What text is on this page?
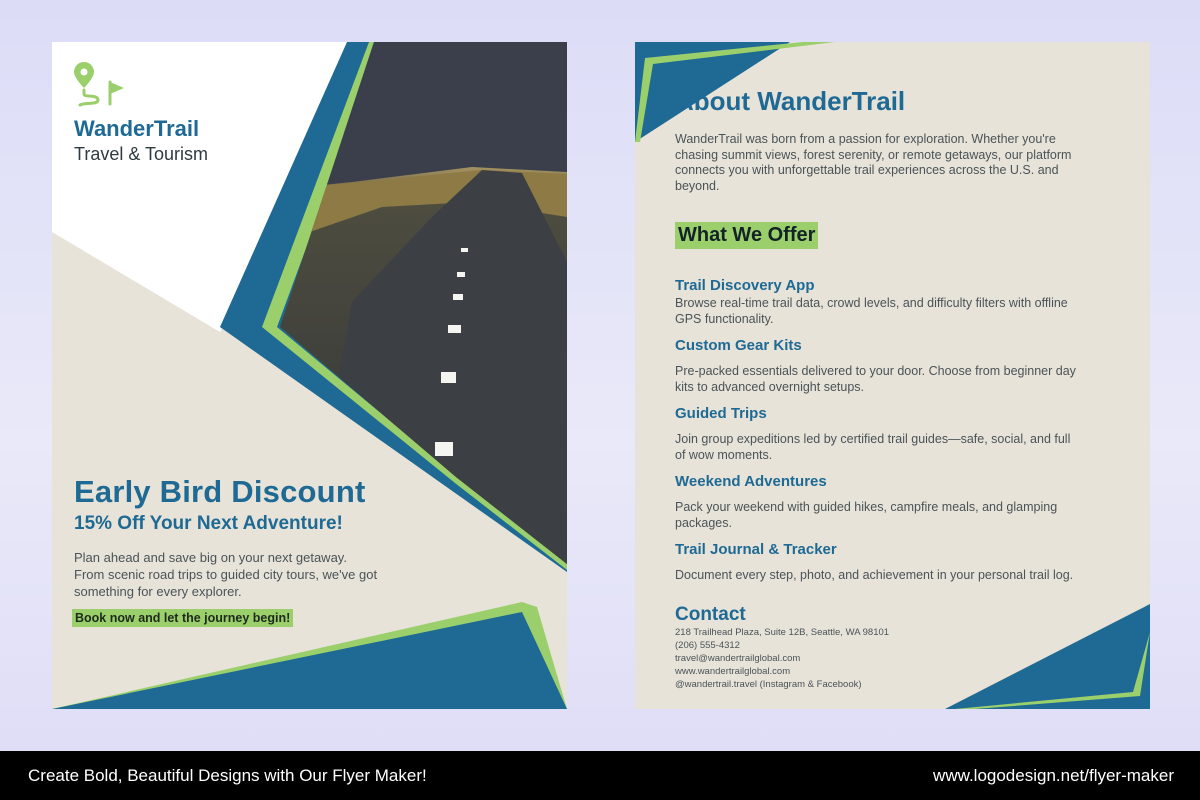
WanderTrail
Travel & Tourism
Early Bird Discount
15% Off Your Next Adventure!
Plan ahead and save big on your next getaway.
From scenic road trips to guided city tours, we've got
something for every explorer.
Book now and let the journey begin!
About WanderTrail
WanderTrail was born from a passion for exploration. Whether you're
chasing summit views, forest serenity, or remote getaways, our platform
connects you with unforgettable trail experiences across the U.S. and
beyond.
What We Offer
Trail Discovery App
Browse real-time trail data, crowd levels, and difficulty filters with offline
GPS functionality.
Custom Gear Kits
Pre-packed essentials delivered to your door. Choose from beginner day
kits to advanced overnight setups.
Guided Trips
Join group expeditions led by certified trail guides—safe, social, and full
of wow moments.
Weekend Adventures
Pack your weekend with guided hikes, campfire meals, and glamping
packages.
Trail Journal & Tracker
Document every step, photo, and achievement in your personal trail log.
Contact
218 Trailhead Plaza, Suite 12B, Seattle, WA 98101
(206) 555-4312
travel@wandertrailglobal.com
www.wandertrailglobal.com
@wandertrail.travel (Instagram & Facebook)
Create Bold, Beautiful Designs with Our Flyer Maker!	www.logodesign.net/flyer-maker
